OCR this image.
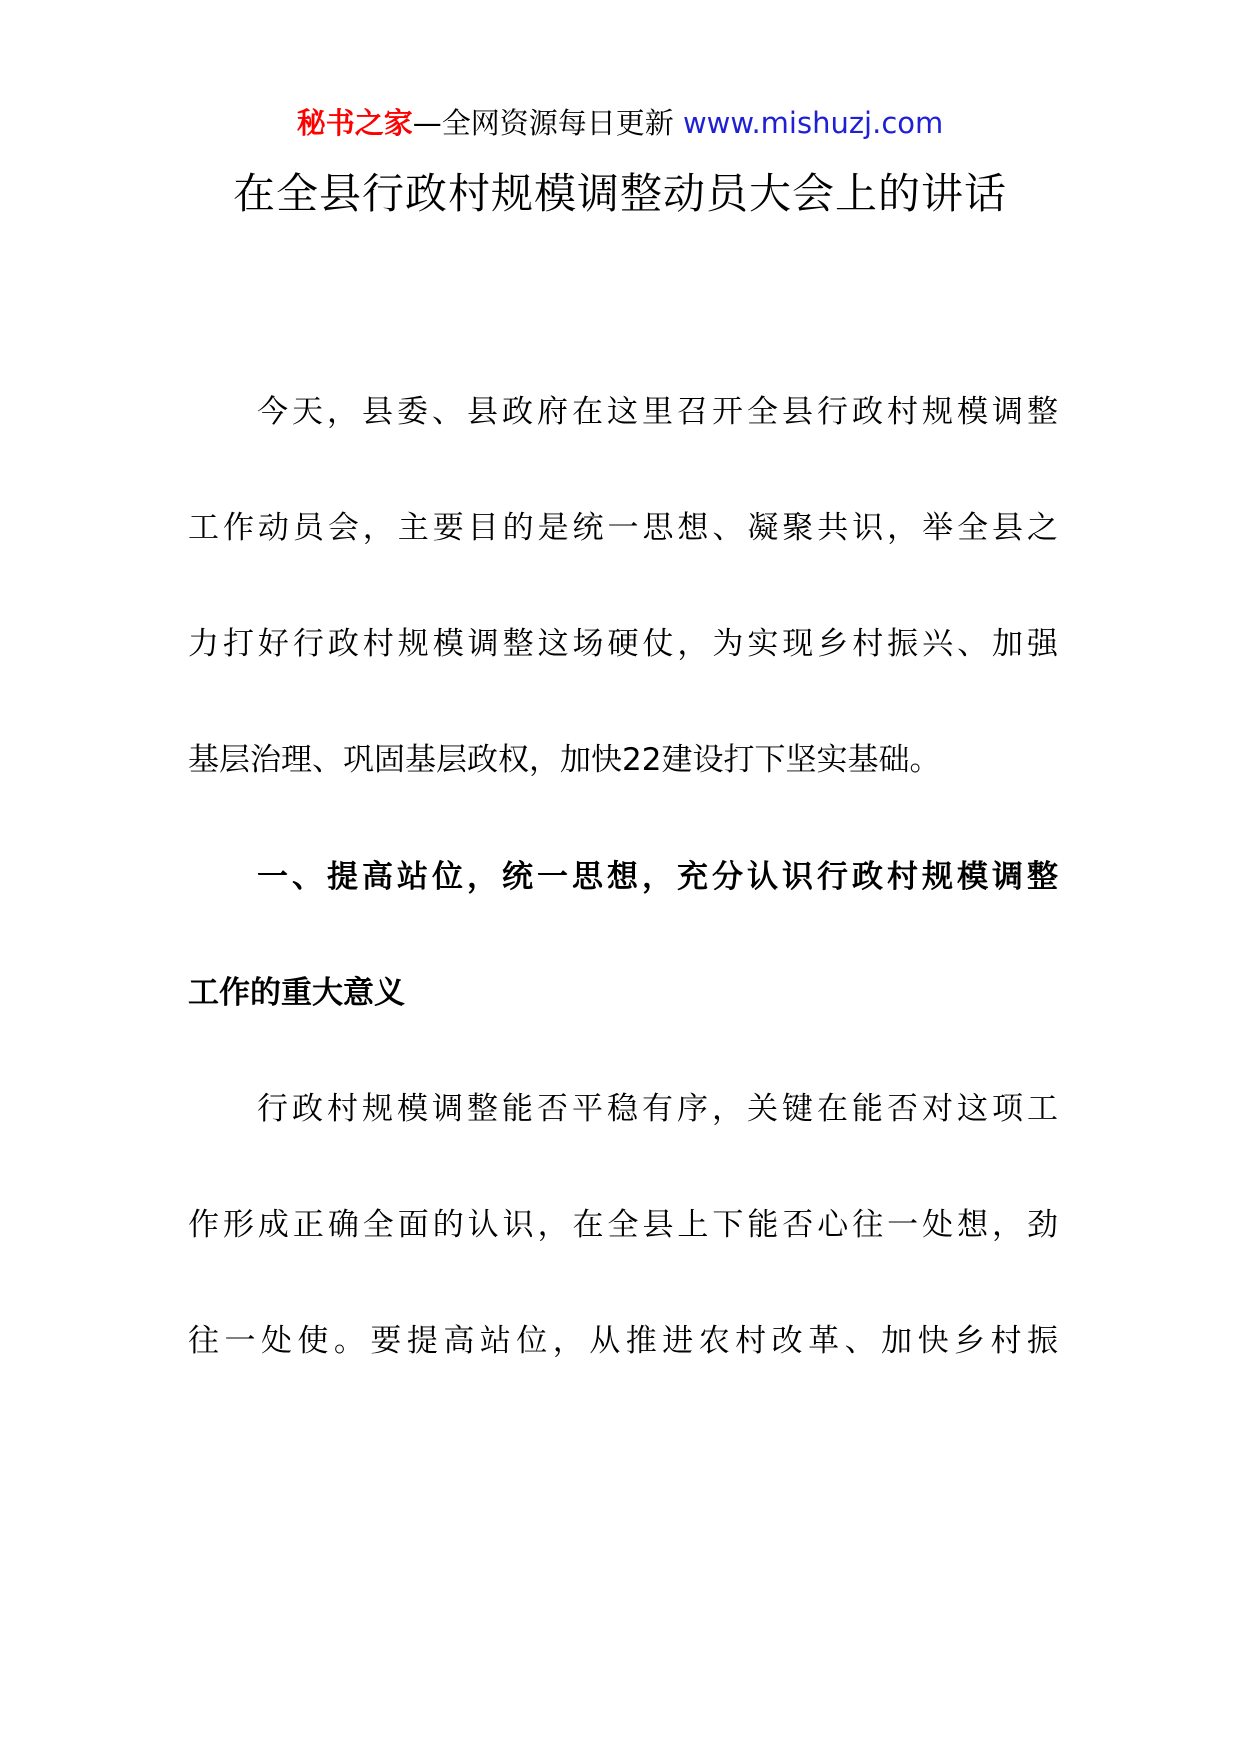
秘书之家—全网资源每日更新 www.mishuzj.com
在全县行政村规模调整动员大会上的讲话
今天，县委、县政府在这里召开全县行政村规模调整
工作动员会，主要目的是统一思想、凝聚共识，举全县之
力打好行政村规模调整这场硬仗，为实现乡村振兴、加强
基层治理、巩固基层政权，加快22建设打下坚实基础。
一、提高站位，统一思想，充分认识行政村规模调整
工作的重大意义
行政村规模调整能否平稳有序，关键在能否对这项工
作形成正确全面的认识，在全县上下能否心往一处想，劲
往一处使。要提高站位，从推进农村改革、加快乡村振
